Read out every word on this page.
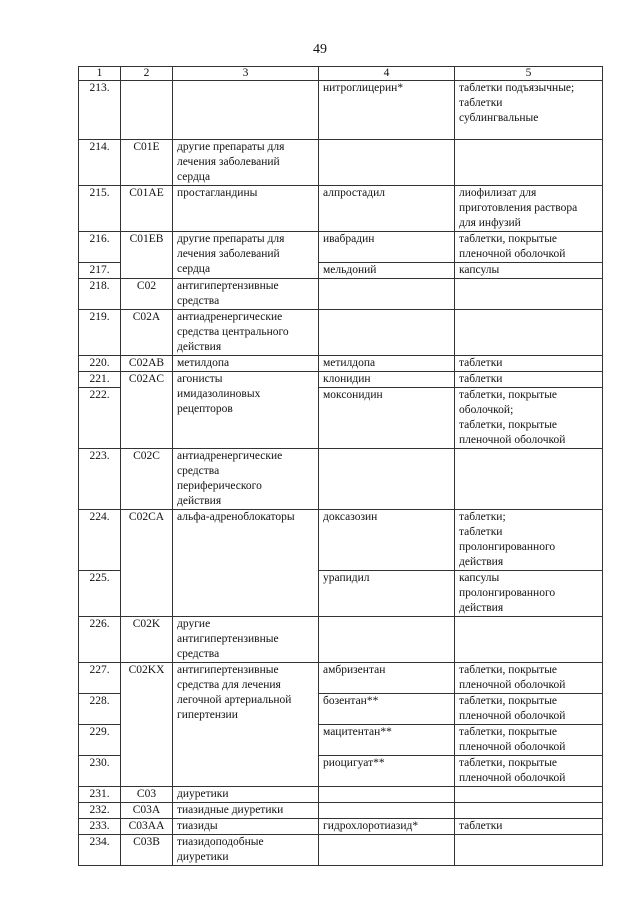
49
1	2	3	4	5
213.			нитроглицерин*	таблетки подъязычные;
таблетки
сублингвальные
214.	C01E	другие препараты для
лечения заболеваний
сердца		
215.	C01AE	простагландины	алпростадил	лиофилизат для
приготовления раствора
для инфузий
216.	C01EB	другие препараты для
лечения заболеваний
сердца	ивабрадин	таблетки, покрытые
пленочной оболочкой
217.			мельдоний	капсулы
218.	C02	антигипертензивные
средства		
219.	C02A	антиадренергические
средства центрального
действия		
220.	C02AB	метилдопа	метилдопа	таблетки
221.	C02AC	агонисты
имидазолиновых
рецепторов	клонидин	таблетки
222.			моксонидин	таблетки, покрытые
оболочкой;
таблетки, покрытые
пленочной оболочкой
223.	C02C	антиадренергические
средства
периферического
действия		
224.	C02CA	альфа-адреноблокаторы	доксазозин	таблетки;
таблетки
пролонгированного
действия
225.			урапидил	капсулы
пролонгированного
действия
226.	C02K	другие
антигипертензивные
средства		
227.	C02KX	антигипертензивные
средства для лечения
легочной артериальной
гипертензии	амбризентан	таблетки, покрытые
пленочной оболочкой
228.			бозентан**	таблетки, покрытые
пленочной оболочкой
229.			мацитентан**	таблетки, покрытые
пленочной оболочкой
230.			риоцигуат**	таблетки, покрытые
пленочной оболочкой
231.	C03	диуретики		
232.	C03A	тиазидные диуретики		
233.	C03AA	тиазиды	гидрохлоротиазид*	таблетки
234.	C03B	тиазидоподобные
диуретики		
